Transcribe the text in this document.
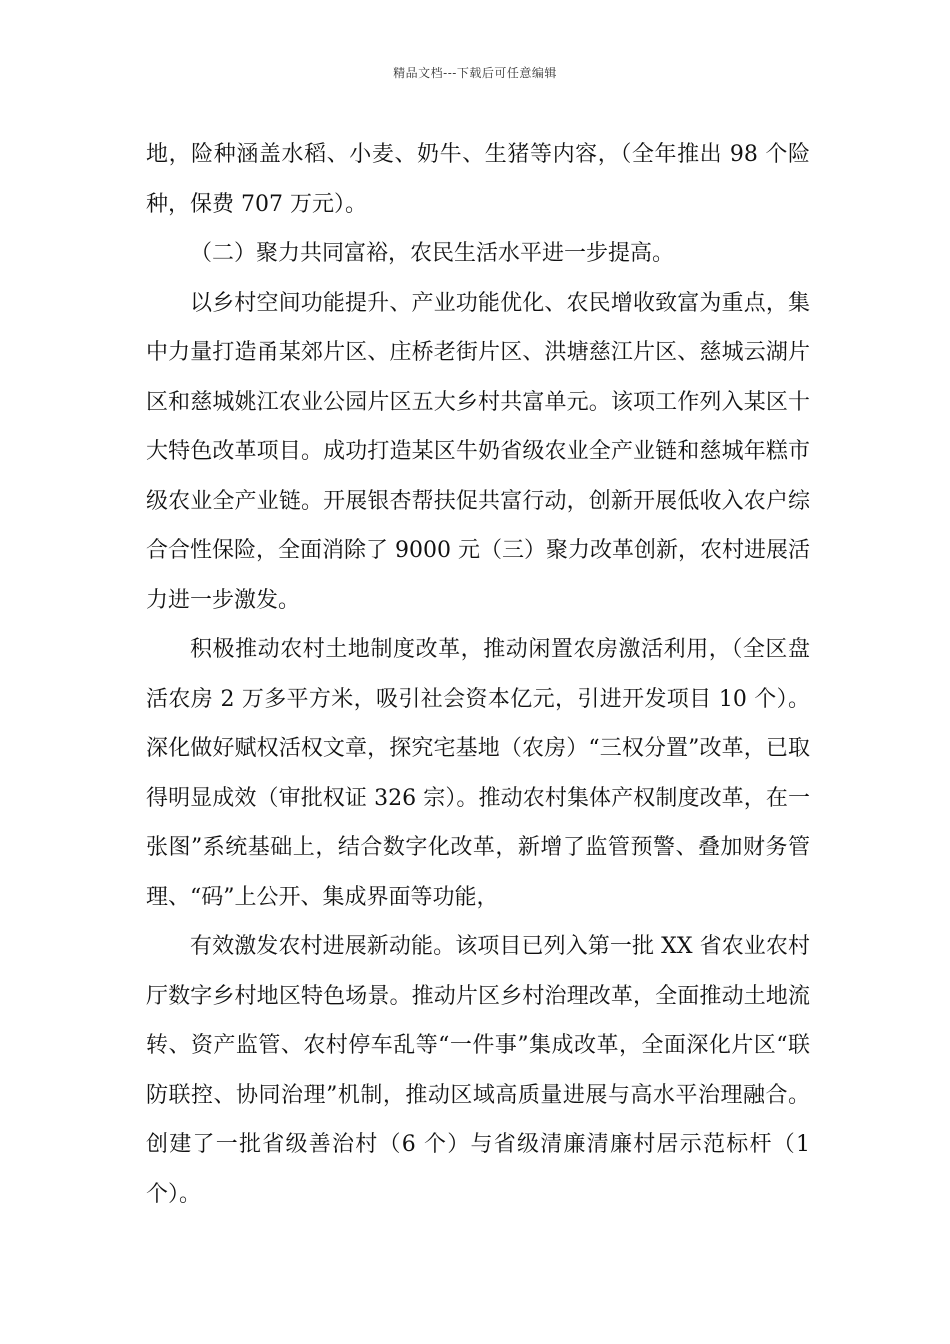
精品文档---下载后可任意编辑

地，险种涵盖水稻、小麦、奶牛、生猪等内容，（全年推出 98 个险种，保费 707 万元）。

（二）聚力共同富裕，农民生活水平进一步提高。

以乡村空间功能提升、产业功能优化、农民增收致富为重点，集中力量打造甬某郊片区、庄桥老街片区、洪塘慈江片区、慈城云湖片区和慈城姚江农业公园片区五大乡村共富单元。该项工作列入某区十大特色改革项目。成功打造某区牛奶省级农业全产业链和慈城年糕市级农业全产业链。开展银杏帮扶促共富行动，创新开展低收入农户综合合性保险，全面消除了 9000 元（三）聚力改革创新，农村进展活力进一步激发。

积极推动农村土地制度改革，推动闲置农房激活利用，（全区盘活农房 2 万多平方米，吸引社会资本亿元，引进开发项目 10 个）。深化做好赋权活权文章，探究宅基地（农房）“三权分置”改革，已取得明显成效（审批权证 326 宗）。推动农村集体产权制度改革，在一张图”系统基础上，结合数字化改革，新增了监管预警、叠加财务管理、“码”上公开、集成界面等功能，

有效激发农村进展新动能。该项目已列入第一批 XX 省农业农村厅数字乡村地区特色场景。推动片区乡村治理改革，全面推动土地流转、资产监管、农村停车乱等“一件事”集成改革，全面深化片区“联防联控、协同治理”机制，推动区域高质量进展与高水平治理融合。创建了一批省级善治村（6 个）与省级清廉清廉村居示范标杆（1 个）。
